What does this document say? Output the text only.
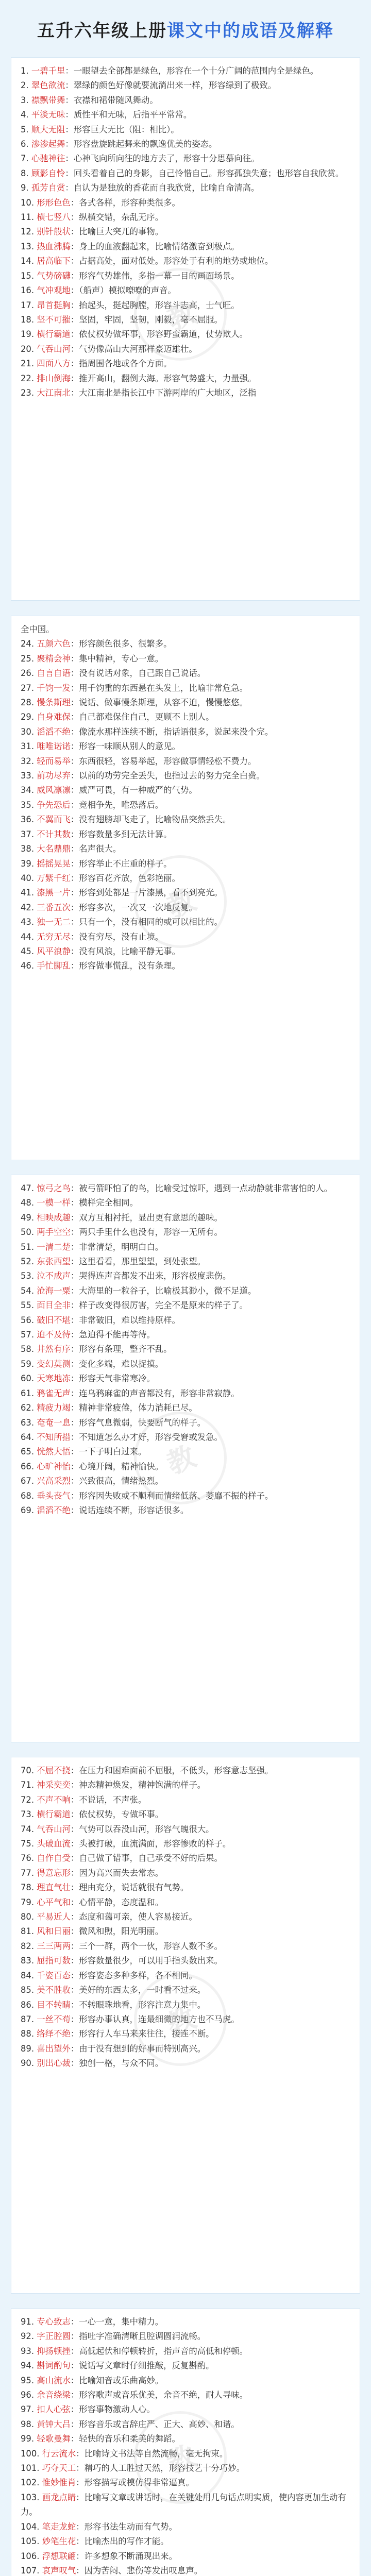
五升六年级上册 课文中的成语及解释
1. 一碧千里：一眼望去全部都是绿色，形容在一个十分广阔的范围内全是绿色。
2. 翠色欲流：翠绿的颜色好像就要流淌出来一样，形容绿到了极致。
3. 襟飘带舞：衣襟和裙带随风舞动。
4. 平淡无味：质性平和无味，后指平平常常。
5. 顺大无阻：形容巨大无比（阻：相比）。
6. 渗渗起舞：形容盘旋跳起舞来的飘逸优美的姿态。
7. 心驰神往：心神飞向所向往的地方去了，形容十分思慕向往。
8. 顾影自怜：回头看着自己的身影，自己怜惜自己。形容孤独失意；也形容自我欣赏。
9. 孤芳自赏：自认为是独放的香花而自我欣赏，比喻自命清高。
10. 形形色色：各式各样，形容种类很多。
11. 横七竖八：纵横交错，杂乱无序。
12. 别针般状：比喻巨大突兀的事物。
13. 热血沸腾：身上的血液翻起来，比喻情绪激奋到极点。
14. 居高临下：占据高处，面对低处。形容处于有利的地势或地位。
15. 气势磅礴：形容气势雄伟，多指一幕一目的画面场景。
16. 气冲观地：（船声）模拟嘹嘹的声音。
17. 昂首挺胸：抬起头，挺起胸膛，形容斗志高，士气旺。
18. 坚不可摧：坚固，牢固，坚韧，刚毅，毫不屈服。
19. 横行霸道：依仗权势做坏事，形容野蛮霸道，仗势欺人。
20. 气吞山河：气势像高山大河那样豪迈雄壮。
21. 四面八方：指周围各地或各个方面。
22. 排山倒海：推开高山，翻倒大海。形容气势盛大，力量强。
23. 大江南北：大江南北是指长江中下游两岸的广大地区，泛指
全中国。
24. 五颜六色：形容颜色很多、很繁多。
25. 聚精会神：集中精神，专心一意。
26. 自言自语：没有说话对象，自己跟自己说话。
27. 千钧一发：用千钧重的东西悬在头发上，比喻非常危急。
28. 慢条斯理：说话、做事慢条斯理，从容不迫，慢慢悠悠。
29. 自身难保：自己都难保住自己，更顾不上别人。
30. 滔滔不绝：像流水那样连续不断，指话语很多，说起来没个完。
31. 唯唯诺诺：形容一味顺从别人的意见。
32. 轻而易举：东西很轻，容易举起，形容做事情轻松不费力。
33. 前功尽弃：以前的功劳完全丢失，也指过去的努力完全白费。
34. 威风凛凛：威严可畏，有一种威严的气势。
35. 争先恐后：竞相争先，唯恐落后。
36. 不翼而飞：没有翅膀却飞走了，比喻物品突然丢失。
37. 不计其数：形容数量多到无法计算。
38. 大名鼎鼎：名声很大。
39. 摇摇晃晃：形容举止不庄重的样子。
40. 万紫千红：形容百花齐放，色彩艳丽。
41. 漆黑一片：形容到处都是一片漆黑，看不到亮光。
42. 三番五次：形容多次，一次又一次地反复。
43. 独一无二：只有一个，没有相同的或可以相比的。
44. 无穷无尽：没有穷尽，没有止境。
45. 风平浪静：没有风浪，比喻平静无事。
46. 手忙脚乱：形容做事慌乱，没有条理。
47. 惊弓之鸟：被弓箭吓怕了的鸟，比喻受过惊吓，遇到一点动静就非常害怕的人。
48. 一模一样：模样完全相同。
49. 相映成趣：双方互相衬托，显出更有意思的趣味。
50. 两手空空：两只手里什么也没有，形容一无所有。
51. 一清二楚：非常清楚，明明白白。
52. 东张西望：这里看看，那里望望，到处张望。
53. 泣不成声：哭得连声音都发不出来，形容极度悲伤。
54. 沧海一粟：大海里的一粒谷子，比喻极其渺小，微不足道。
55. 面目全非：样子改变得很厉害，完全不是原来的样子了。
56. 破旧不堪：非常破旧，难以维持原样。
57. 迫不及待：急迫得不能再等待。
58. 井然有序：形容有条理，整齐不乱。
59. 变幻莫测：变化多端，难以捉摸。
60. 天寒地冻：形容天气非常寒冷。
61. 鸦雀无声：连乌鸦麻雀的声音都没有，形容非常寂静。
62. 精疲力竭：精神非常疲倦，体力消耗已尽。
63. 奄奄一息：形容气息微弱，快要断气的样子。
64. 不知所措：不知道怎么办才好，形容受窘或发急。
65. 恍然大悟：一下子明白过来。
66. 心旷神怡：心境开阔，精神愉快。
67. 兴高采烈：兴致很高，情绪热烈。
68. 垂头丧气：形容因失败或不顺利而情绪低落、萎靡不振的样子。
69. 滔滔不绝：说话连续不断，形容话很多。
70. 不屈不挠：在压力和困难面前不屈服，不低头，形容意志坚强。
71. 神采奕奕：神态精神焕发，精神饱满的样子。
72. 不声不响：不说话，不声张。
73. 横行霸道：依仗权势，专做坏事。
74. 气吞山河：气势可以吞没山河，形容气魄很大。
75. 头破血流：头被打破，血流满面，形容惨败的样子。
76. 自作自受：自己做了错事，自己承受不好的后果。
77. 得意忘形：因为高兴而失去常态。
78. 理直气壮：理由充分，说话就很有气势。
79. 心平气和：心情平静，态度温和。
80. 平易近人：态度和蔼可亲，使人容易接近。
81. 风和日丽：微风和煦，阳光明丽。
82. 三三两两：三个一群，两个一伙，形容人数不多。
83. 屈指可数：形容数量很少，可以用手指头数出来。
84. 千姿百态：形容姿态多种多样，各不相同。
85. 美不胜收：美好的东西太多，一时看不过来。
86. 目不转睛：不转眼珠地看，形容注意力集中。
87. 一丝不苟：形容办事认真，连最细微的地方也不马虎。
88. 络绎不绝：形容行人车马来来往往，接连不断。
89. 喜出望外：由于没有想到的好事而特别高兴。
90. 别出心裁：独创一格，与众不同。
91. 专心致志：一心一意，集中精力。
92. 字正腔圆：指吐字准确清晰且腔调圆润流畅。
93. 抑扬顿挫：高低起伏和停顿转折，指声音的高低和停顿。
94. 斟词酌句：说话写文章时仔细推敲，反复斟酌。
95. 高山流水：比喻知音或乐曲高妙。
96. 余音绕梁：形容歌声或音乐优美，余音不绝，耐人寻味。
97. 扣人心弦：形容事物激动人心。
98. 黄钟大吕：形容音乐或言辞庄严、正大、高妙、和谐。
99. 轻歌曼舞：轻快的音乐和柔美的舞蹈。
100. 行云流水：比喻诗文书法等自然流畅，毫无拘束。
101. 巧夺天工：精巧的人工胜过天然，形容技艺十分巧妙。
102. 惟妙惟肖：形容描写或模仿得非常逼真。
103. 画龙点睛：比喻写文章或讲话时，在关键处用几句话点明实质，使内容更加生动有力。
104. 笔走龙蛇：形容书法生动而有气势。
105. 妙笔生花：比喻杰出的写作才能。
106. 浮想联翩：许多想象不断涌现出来。
107. 哀声叹气：因为苦闷、悲伤等发出叹息声。
